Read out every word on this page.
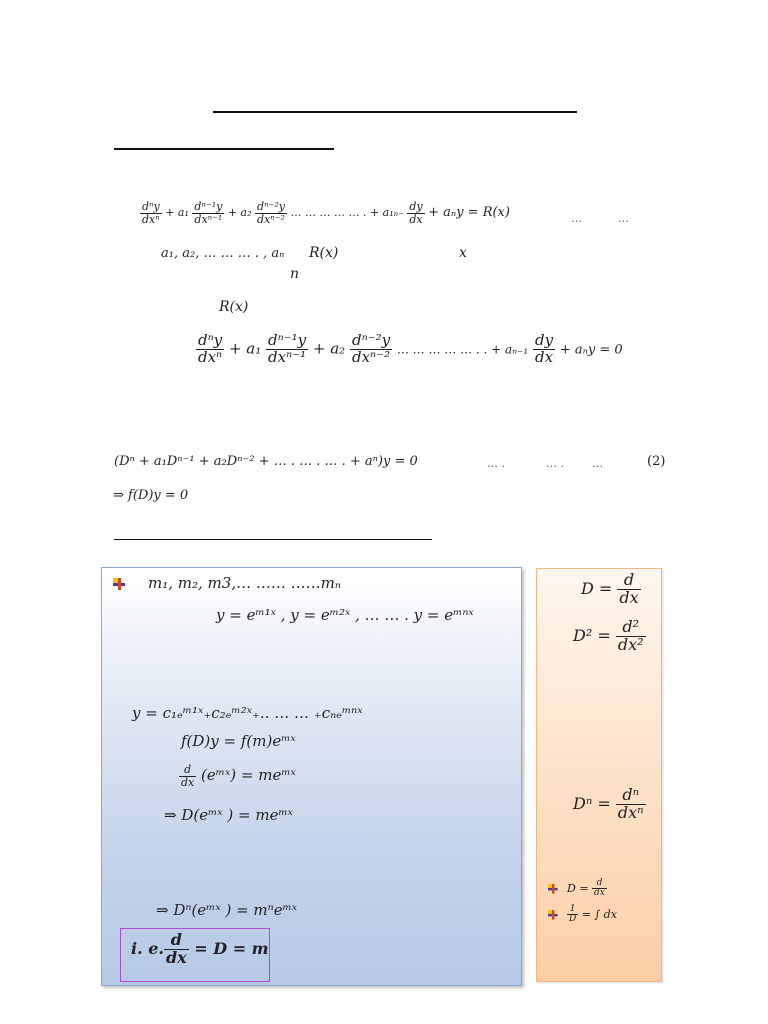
$\frac{\text{dⁿy}}{\text{dxⁿ}} + a_1 \frac{\text{dⁿ⁻¹y}}{\text{dxⁿ⁻¹}} + a_2 \frac{\text{dⁿ⁻²y}}{\text{dxⁿ⁻²}}$ … … … … … . + $a_{1n-} \frac{dy}{dx} + a_ny = R(x)$	…	…
a₁, a₂, … … … . , aₙ R(x)	x
n
R(x)
$\frac{\text{dⁿy}}{\text{dxⁿ}} + a_1 \frac{\text{dⁿ⁻¹y}}{\text{dxⁿ⁻¹}} + a_2 \frac{\text{dⁿ⁻²y}}{\text{dxⁿ⁻²}}$ … … … … … . . + $a_{n-1} \frac{dy}{dx} + a_ny = 0$
(Dⁿ + a₁Dⁿ⁻¹ + a₂Dⁿ⁻² + … . … . … . + aⁿ)y = 0	… .	… .	…	(2)
⇒ f(D)y = 0
m₁, m₂, m3,… …… ……mₙ
y = eᵐ¹ˣ , y = eᵐ²ˣ , … … . y = eᵐⁿˣ
y = c₁ₑᵐ¹ˣ₊c₂ₑᵐ²ˣ₊.. … … ₊cₙₑᵐⁿˣ
f(D)y = f(m)eᵐˣ
$\frac{d}{dx}$ (eᵐˣ) = meᵐˣ
⇒ D(eᵐˣ ) = meᵐˣ
⇒ Dⁿ(eᵐˣ ) = mⁿeᵐˣ
i. e. $\frac{d}{dx} = D = m$
$D = \frac{d}{dx}$
$D^2 = \frac{\text{d²}}{\text{dx²}}$
$D^n = \frac{\text{dⁿ}}{\text{dxⁿ}}$
$D = \frac{d}{dx}$
$\frac{1}{D}$ = ∫ dx
